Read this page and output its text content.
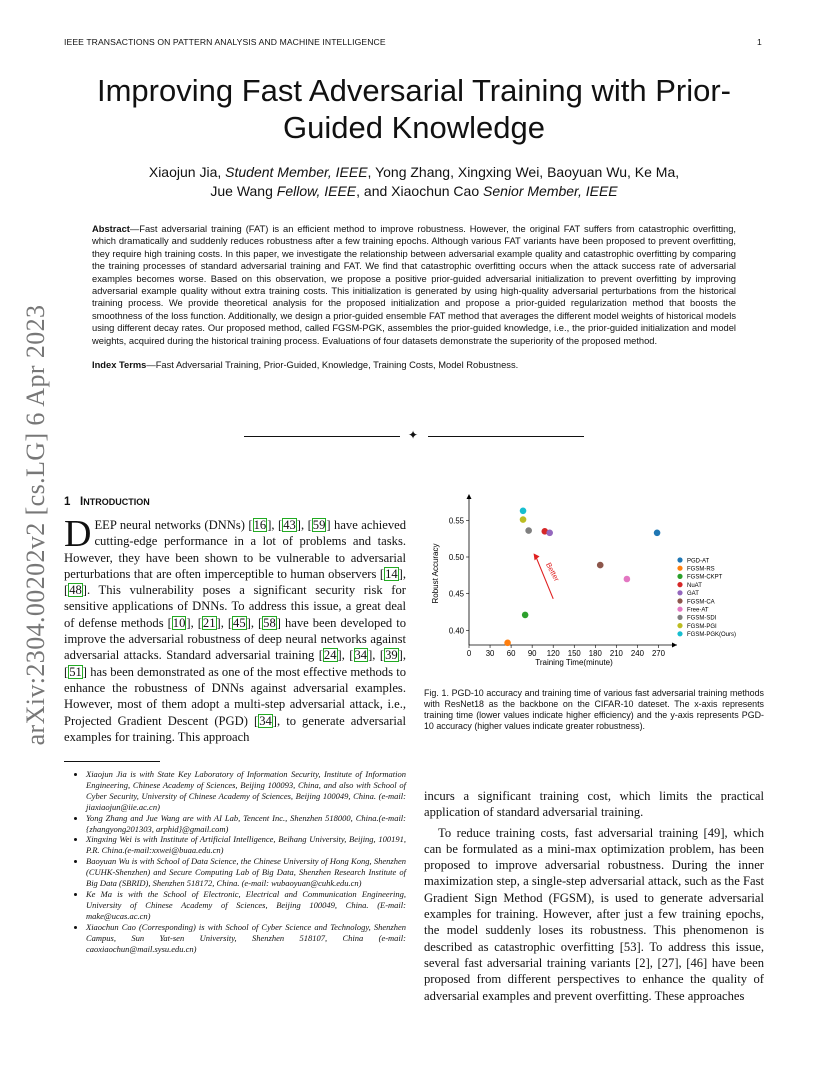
IEEE TRANSACTIONS ON PATTERN ANALYSIS AND MACHINE INTELLIGENCE	1
arXiv:2304.00202v2 [cs.LG] 6 Apr 2023
Improving Fast Adversarial Training with Prior-Guided Knowledge
Xiaojun Jia, Student Member, IEEE, Yong Zhang, Xingxing Wei, Baoyuan Wu, Ke Ma,
Jue Wang Fellow, IEEE, and Xiaochun Cao Senior Member, IEEE
Abstract—Fast adversarial training (FAT) is an efficient method to improve robustness. However, the original FAT suffers from catastrophic overfitting, which dramatically and suddenly reduces robustness after a few training epochs. Although various FAT variants have been proposed to prevent overfitting, they require high training costs. In this paper, we investigate the relationship between adversarial example quality and catastrophic overfitting by comparing the training processes of standard adversarial training and FAT. We find that catastrophic overfitting occurs when the attack success rate of adversarial examples becomes worse. Based on this observation, we propose a positive prior-guided adversarial initialization to prevent overfitting by improving adversarial example quality without extra training costs. This initialization is generated by using high-quality adversarial perturbations from the historical training process. We provide theoretical analysis for the proposed initialization and propose a prior-guided regularization method that boosts the smoothness of the loss function. Additionally, we design a prior-guided ensemble FAT method that averages the different model weights of historical models using different decay rates. Our proposed method, called FGSM-PGK, assembles the prior-guided knowledge, i.e., the prior-guided initialization and model weights, acquired during the historical training process. Evaluations of four datasets demonstrate the superiority of the proposed method.
Index Terms—Fast Adversarial Training, Prior-Guided, Knowledge, Training Costs, Model Robustness.
✦
1 INTRODUCTION
DEEP neural networks (DNNs) [16], [43], [59] have achieved cutting-edge performance in a lot of problems and tasks. However, they have been shown to be vulnerable to adversarial perturbations that are often imperceptible to human observers [14], [48]. This vulnerability poses a significant security risk for sensitive applications of DNNs. To address this issue, a great deal of defense methods [10], [21], [45], [58] have been developed to improve the adversarial robustness of deep neural networks against adversarial attacks. Standard adversarial training [24], [34], [39], [51] has been demonstrated as one of the most effective methods to enhance the robustness of DNNs against adversarial examples. However, most of them adopt a multi-step adversarial attack, i.e., Projected Gradient Descent (PGD) [34], to generate adversarial examples for training. This approach
• Xiaojun Jia is with State Key Laboratory of Information Security, Institute of Information Engineering, Chinese Academy of Sciences, Beijing 100093, China, and also with School of Cyber Security, University of Chinese Academy of Sciences, Beijing 100049, China. (e-mail: jiaxiaojun@iie.ac.cn)
• Yong Zhang and Jue Wang are with AI Lab, Tencent Inc., Shenzhen 518000, China.(e-mail: {zhangyong201303, arphid}@gmail.com)
• Xingxing Wei is with Institute of Artificial Intelligence, Beihang University, Beijing, 100191, P.R. China.(e-mail:xxwei@buaa.edu.cn)
• Baoyuan Wu is with School of Data Science, the Chinese University of Hong Kong, Shenzhen (CUHK-Shenzhen) and Secure Computing Lab of Big Data, Shenzhen Research Institute of Big Data (SBRID), Shenzhen 518172, China. (e-mail: wubaoyuan@cuhk.edu.cn)
• Ke Ma is with the School of Electronic, Electrical and Communication Engineering, University of Chinese Academy of Sciences, Beijing 100049, China. (E-mail: make@ucas.ac.cn)
• Xiaochun Cao (Corresponding) is with School of Cyber Science and Technology, Shenzhen Campus, Sun Yat-sen University, Shenzhen 518107, China (e-mail: caoxiaochun@mail.sysu.edu.cn)
0 30 60 90 120 150 180 210 240 270
0.40
0.45
0.50
0.55
Training Time(minute)
Robust Accuracy	Better	PGD-AT
FGSM-RS
FGSM-CKPT
NuAT
GAT
FGSM-CA
Free-AT
FGSM-SDI
FGSM-PGI
FGSM-PGK(Ours)
Fig. 1. PGD-10 accuracy and training time of various fast adversarial training methods with ResNet18 as the backbone on the CIFAR-10 dateset. The x-axis represents training time (lower values indicate higher efficiency) and the y-axis represents PGD-10 accuracy (higher values indicate greater robustness).

incurs a significant training cost, which limits the practical application of standard adversarial training.

To reduce training costs, fast adversarial training [49], which can be formulated as a mini-max optimization problem, has been proposed to improve adversarial robustness. During the inner maximization step, a single-step adversarial attack, such as the Fast Gradient Sign Method (FGSM), is used to generate adversarial examples for training. However, after just a few training epochs, the model suddenly loses its robustness. This phenomenon is described as catastrophic overfitting [53]. To address this issue, several fast adversarial training variants [2], [27], [46] have been proposed from different perspectives to enhance the quality of adversarial examples and prevent overfitting. These approaches
